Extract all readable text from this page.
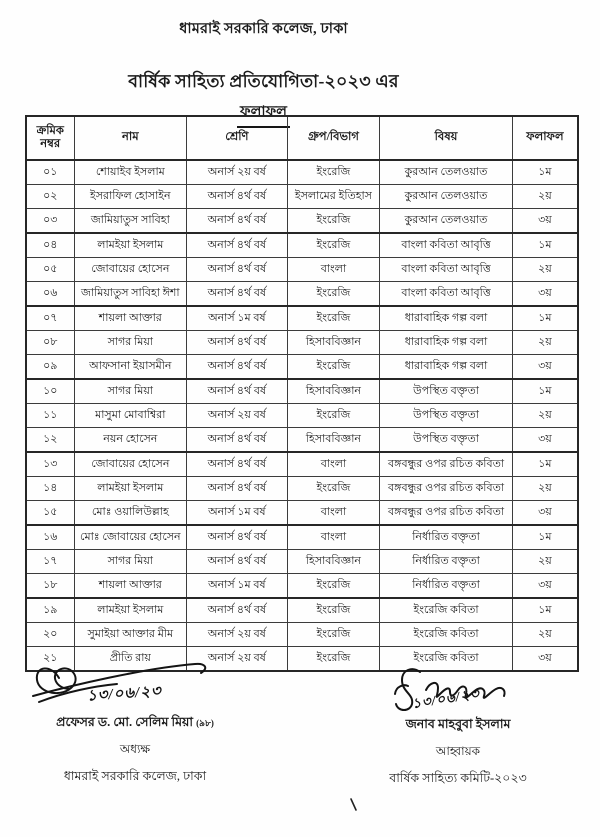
ধামরাই সরকারি কলেজ, ঢাকা
বার্ষিক সাহিত্য প্রতিযোগিতা-২০২৩ এর
ফলাফল
ক্রমিক নম্বর	নাম	শ্রেণি	গ্রুপ/বিভাগ	বিষয়	ফলাফল
০১	শোয়াইব ইসলাম	অনার্স ২য় বর্ষ	ইংরেজি	কুরআন তেলওয়াত	১ম
০২	ইসরাফিল হোসাইন	অনার্স ৪র্থ বর্ষ	ইসলামের ইতিহাস	কুরআন তেলওয়াত	২য়
০৩	জামিয়াতুস সাবিহা	অনার্স ৪র্থ বর্ষ	ইংরেজি	কুরআন তেলওয়াত	৩য়
০৪	লামইয়া ইসলাম	অনার্স ৪র্থ বর্ষ	ইংরেজি	বাংলা কবিতা আবৃত্তি	১ম
০৫	জোবায়ের হোসেন	অনার্স ৪র্থ বর্ষ	বাংলা	বাংলা কবিতা আবৃত্তি	২য়
০৬	জামিয়াতুস সাবিহা ঈশা	অনার্স ৪র্থ বর্ষ	ইংরেজি	বাংলা কবিতা আবৃত্তি	৩য়
০৭	শায়লা আক্তার	অনার্স ১ম বর্ষ	ইংরেজি	ধারাবাহিক গল্প বলা	১ম
০৮	সাগর মিয়া	অনার্স ৪র্থ বর্ষ	হিসাববিজ্ঞান	ধারাবাহিক গল্প বলা	২য়
০৯	আফসানা ইয়াসমীন	অনার্স ৪র্থ বর্ষ	ইংরেজি	ধারাবাহিক গল্প বলা	৩য়
১০	সাগর মিয়া	অনার্স ৪র্থ বর্ষ	হিসাববিজ্ঞান	উপস্থিত বক্তৃতা	১ম
১১	মাসুমা মোবাশ্বিরা	অনার্স ২য় বর্ষ	ইংরেজি	উপস্থিত বক্তৃতা	২য়
১২	নয়ন হোসেন	অনার্স ৪র্থ বর্ষ	হিসাববিজ্ঞান	উপস্থিত বক্তৃতা	৩য়
১৩	জোবায়ের হোসেন	অনার্স ৪র্থ বর্ষ	বাংলা	বঙ্গবন্ধুর ওপর রচিত কবিতা	১ম
১৪	লামইয়া ইসলাম	অনার্স ৪র্থ বর্ষ	ইংরেজি	বঙ্গবন্ধুর ওপর রচিত কবিতা	২য়
১৫	মোঃ ওয়ালিউল্লাহ	অনার্স ১ম বর্ষ	বাংলা	বঙ্গবন্ধুর ওপর রচিত কবিতা	৩য়
১৬	মোঃ জোবায়ের হোসেন	অনার্স ৪র্থ বর্ষ	বাংলা	নির্ধারিত বক্তৃতা	১ম
১৭	সাগর মিয়া	অনার্স ৪র্থ বর্ষ	হিসাববিজ্ঞান	নির্ধারিত বক্তৃতা	২য়
১৮	শায়লা আক্তার	অনার্স ১ম বর্ষ	ইংরেজি	নির্ধারিত বক্তৃতা	৩য়
১৯	লামইয়া ইসলাম	অনার্স ৪র্থ বর্ষ	ইংরেজি	ইংরেজি কবিতা	১ম
২০	সুমাইয়া আক্তার মীম	অনার্স ২য় বর্ষ	ইংরেজি	ইংরেজি কবিতা	২য়
২১	প্রীতি রায়	অনার্স ২য় বর্ষ	ইংরেজি	ইংরেজি কবিতা	৩য়
১৩/০৬/২৩
প্রফেসর ড. মো. সেলিম মিয়া (৯৮)
অধ্যক্ষ
ধামরাই সরকারি কলেজ, ঢাকা
১৩/০৬/২৩
জনাব মাহবুবা ইসলাম
আহ্বায়ক
বার্ষিক সাহিত্য কমিটি-২০২৩
